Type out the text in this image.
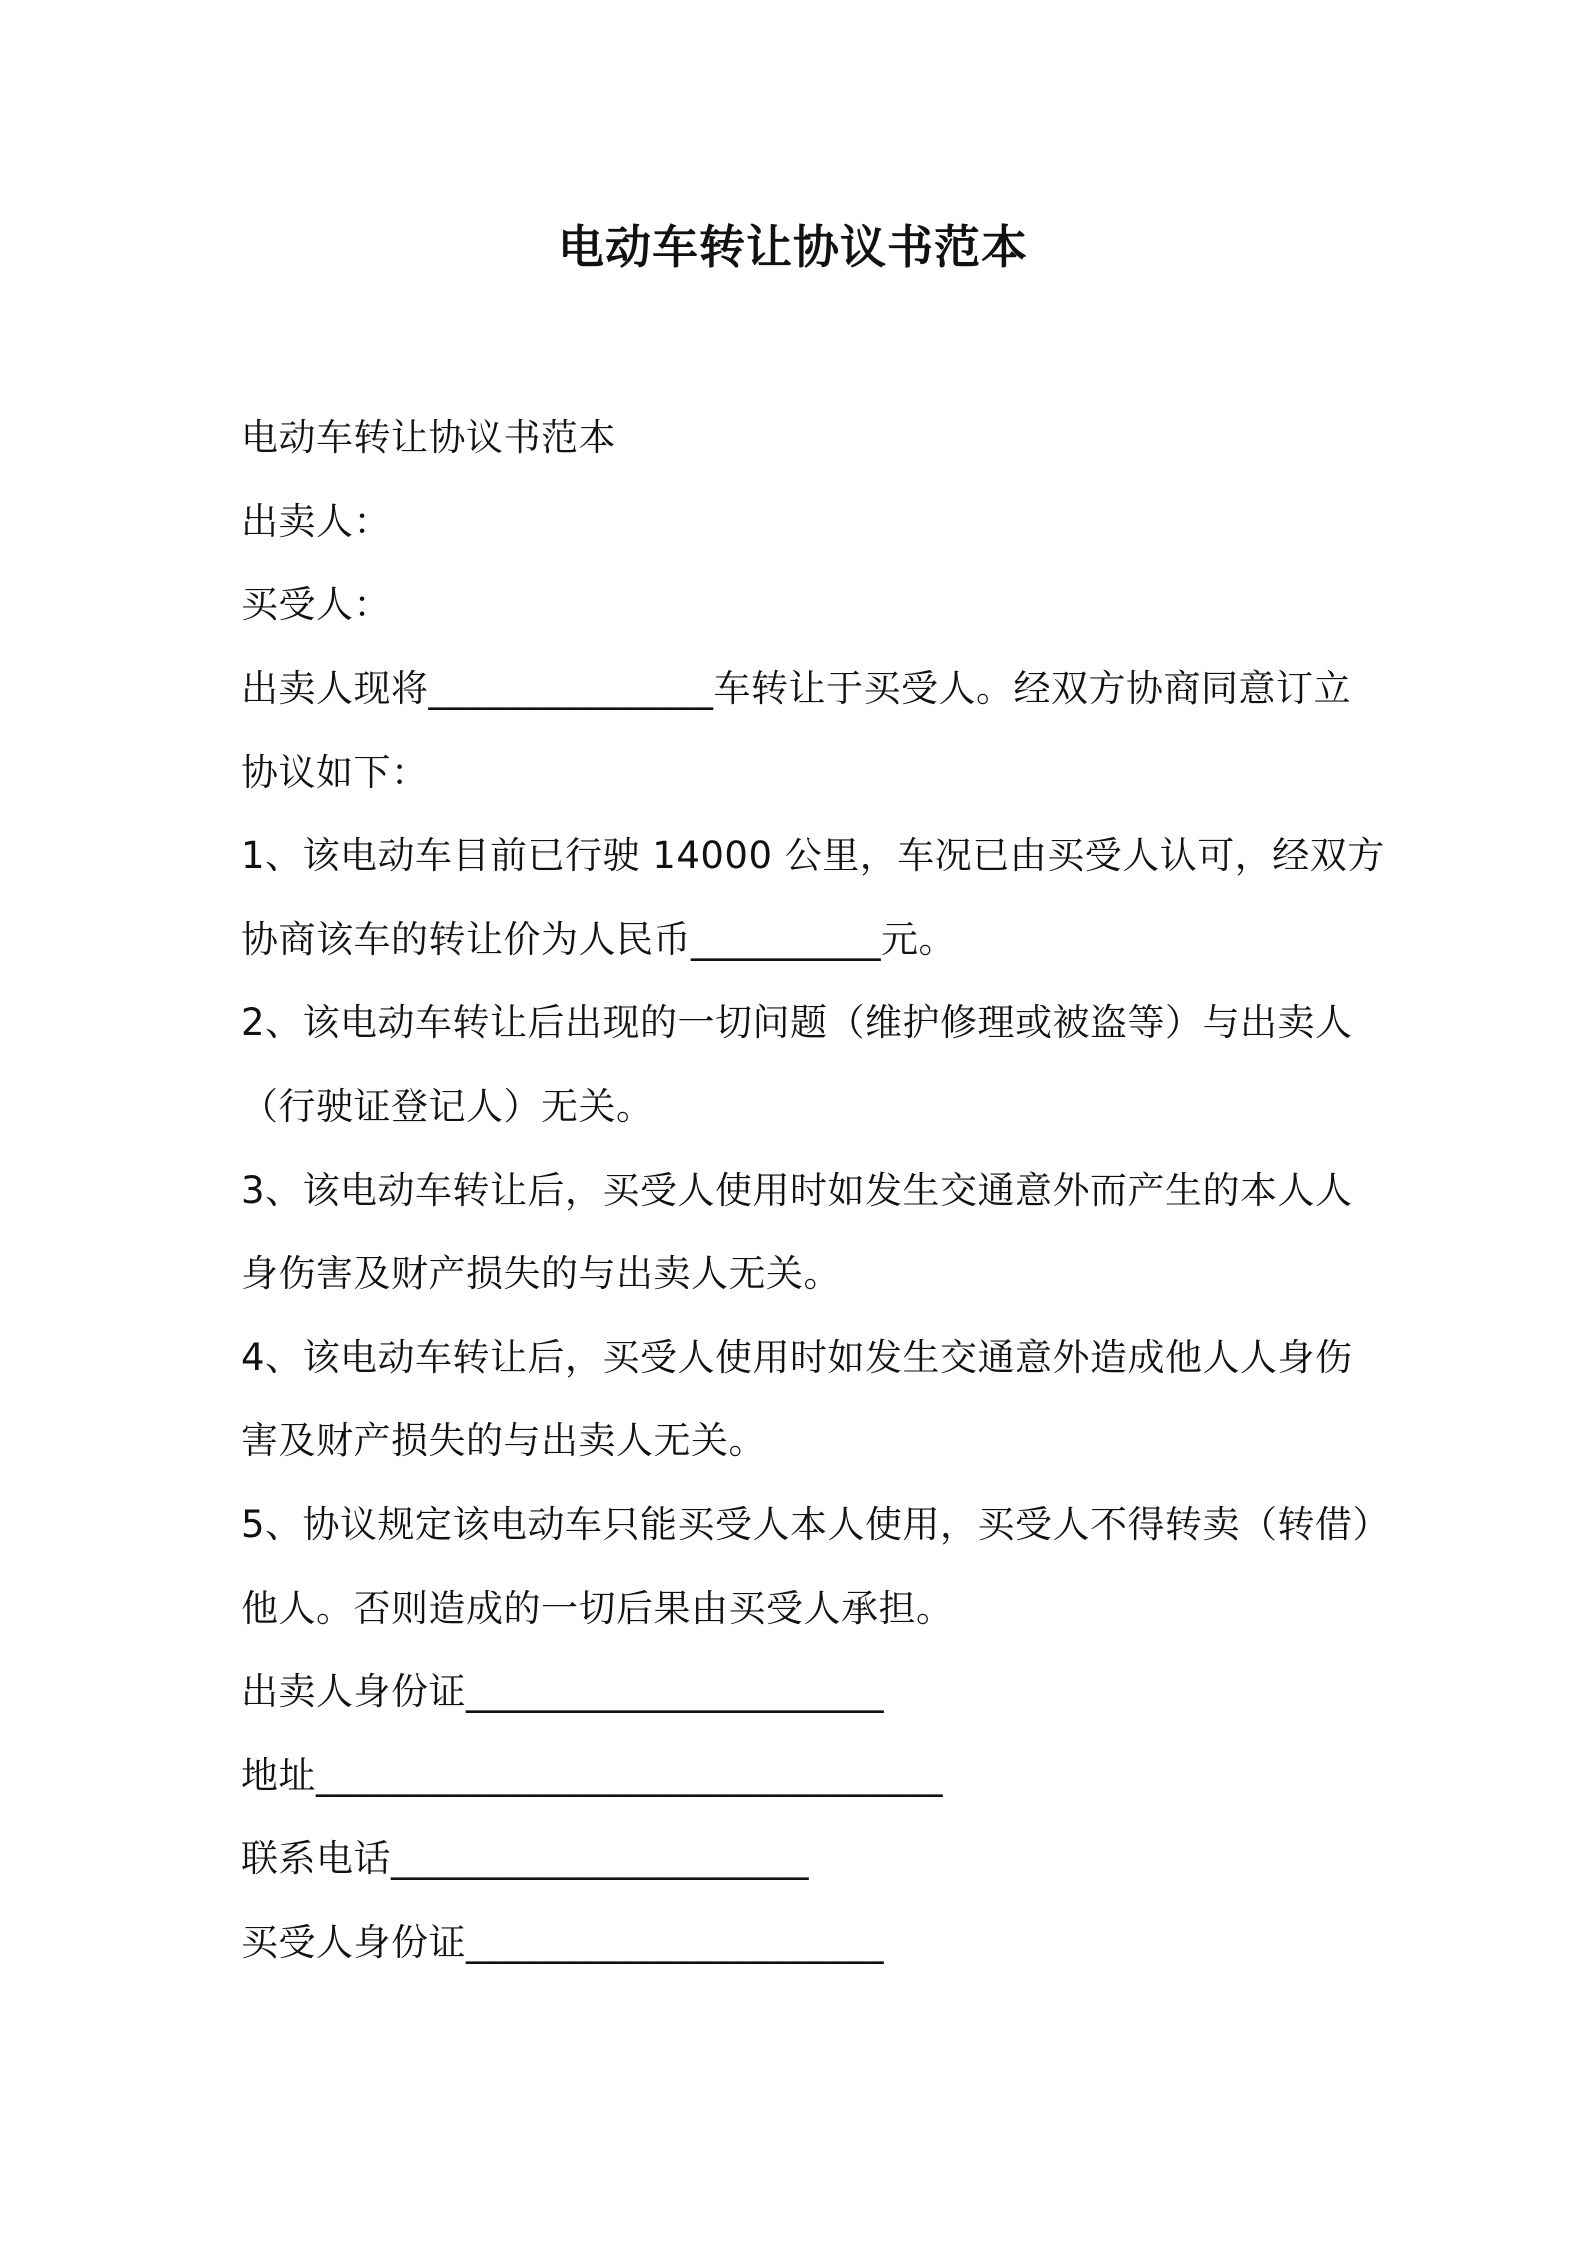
电动车转让协议书范本
电动车转让协议书范本
出卖人：
买受人：
出卖人现将_______________车转让于买受人。经双方协商同意订立
协议如下：
1、该电动车目前已行驶 14000 公里，车况已由买受人认可，经双方
协商该车的转让价为人民币__________元。
2、该电动车转让后出现的一切问题（维护修理或被盗等）与出卖人
（行驶证登记人）无关。
3、该电动车转让后，买受人使用时如发生交通意外而产生的本人人
身伤害及财产损失的与出卖人无关。
4、该电动车转让后，买受人使用时如发生交通意外造成他人人身伤
害及财产损失的与出卖人无关。
5、协议规定该电动车只能买受人本人使用，买受人不得转卖（转借）
他人。否则造成的一切后果由买受人承担。
出卖人身份证______________________
地址_________________________________
联系电话______________________
买受人身份证______________________
